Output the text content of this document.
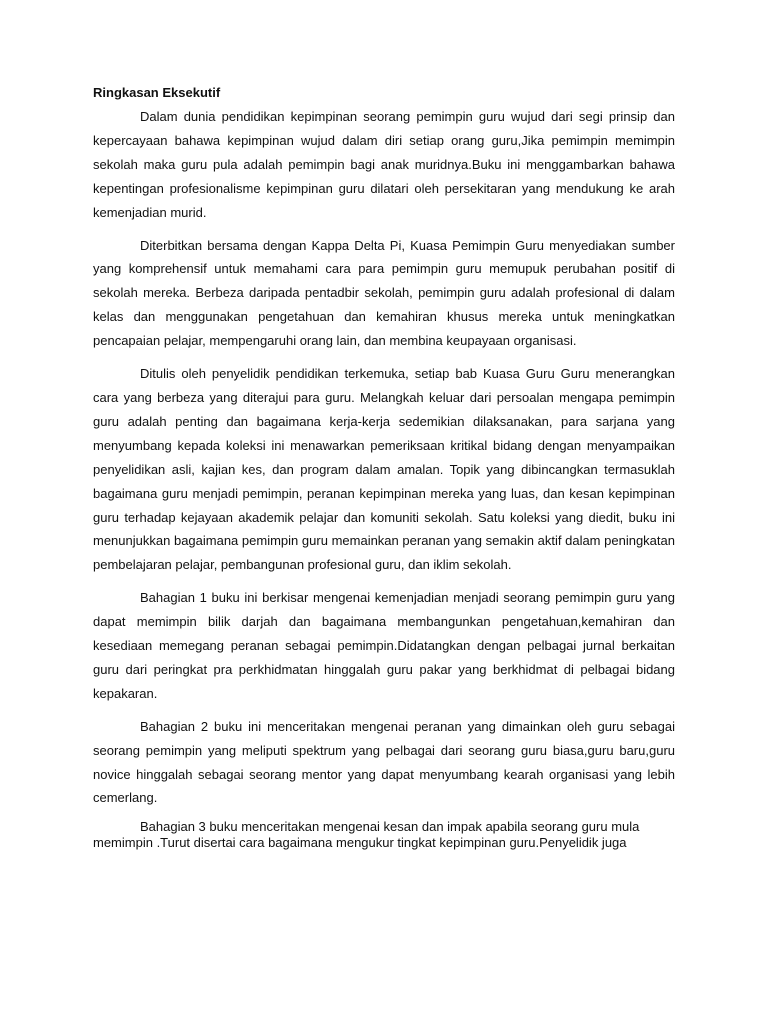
Ringkasan Eksekutif

Dalam dunia pendidikan kepimpinan seorang pemimpin guru wujud dari segi prinsip dan kepercayaan bahawa kepimpinan wujud dalam diri setiap orang guru,Jika pemimpin memimpin sekolah maka guru pula adalah pemimpin bagi anak muridnya.Buku ini menggambarkan bahawa kepentingan profesionalisme kepimpinan guru dilatari oleh persekitaran yang mendukung ke arah kemenjadian murid.

Diterbitkan bersama dengan Kappa Delta Pi, Kuasa Pemimpin Guru menyediakan sumber yang komprehensif untuk memahami cara para pemimpin guru memupuk perubahan positif di sekolah mereka. Berbeza daripada pentadbir sekolah, pemimpin guru adalah profesional di dalam kelas dan menggunakan pengetahuan dan kemahiran khusus mereka untuk meningkatkan pencapaian pelajar, mempengaruhi orang lain, dan membina keupayaan organisasi.

Ditulis oleh penyelidik pendidikan terkemuka, setiap bab Kuasa Guru Guru menerangkan cara yang berbeza yang diterajui para guru. Melangkah keluar dari persoalan mengapa pemimpin guru adalah penting dan bagaimana kerja-kerja sedemikian dilaksanakan, para sarjana yang menyumbang kepada koleksi ini menawarkan pemeriksaan kritikal bidang dengan menyampaikan penyelidikan asli, kajian kes, dan program dalam amalan. Topik yang dibincangkan termasuklah bagaimana guru menjadi pemimpin, peranan kepimpinan mereka yang luas, dan kesan kepimpinan guru terhadap kejayaan akademik pelajar dan komuniti sekolah. Satu koleksi yang diedit, buku ini menunjukkan bagaimana pemimpin guru memainkan peranan yang semakin aktif dalam peningkatan pembelajaran pelajar, pembangunan profesional guru, dan iklim sekolah.

Bahagian 1 buku ini berkisar mengenai kemenjadian menjadi seorang pemimpin guru yang dapat memimpin bilik darjah dan bagaimana membangunkan pengetahuan,kemahiran dan kesediaan memegang peranan sebagai pemimpin.Didatangkan dengan pelbagai jurnal berkaitan guru dari peringkat pra perkhidmatan hinggalah guru pakar yang berkhidmat di pelbagai bidang kepakaran.

Bahagian 2 buku ini menceritakan mengenai peranan yang dimainkan oleh guru sebagai seorang pemimpin yang meliputi spektrum yang pelbagai dari seorang guru biasa,guru baru,guru novice hinggalah sebagai seorang mentor yang dapat menyumbang kearah organisasi yang lebih cemerlang.

Bahagian 3 buku menceritakan mengenai kesan dan impak apabila seorang guru mula memimpin .Turut disertai cara bagaimana mengukur tingkat kepimpinan guru.Penyelidik juga
